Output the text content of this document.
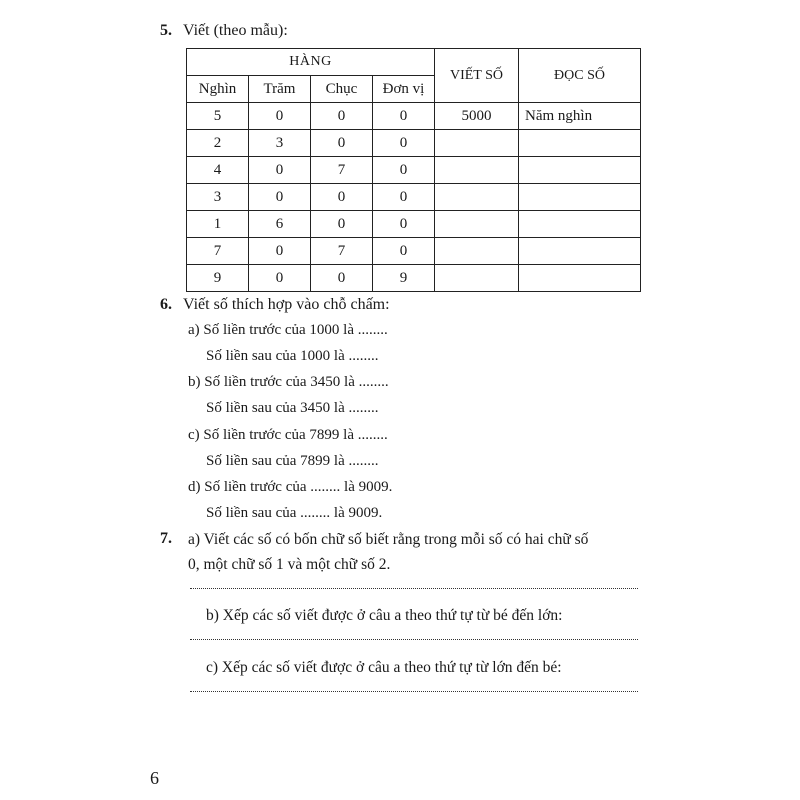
5. Viết (theo mẫu):
HÀNG				VIẾT SỐ	ĐỌC SỐ
Nghìn	Trăm	Chục	Đơn vị		
5	0	0	0	5000	Năm nghìn
2	3	0	0		
4	0	7	0		
3	0	0	0		
1	6	0	0		
7	0	7	0		
9	0	0	9		
6. Viết số thích hợp vào chỗ chấm:
a) Số liền trước của 1000 là ........
Số liền sau của 1000 là ........
b) Số liền trước của 3450 là ........
Số liền sau của 3450 là ........
c) Số liền trước của 7899 là ........
Số liền sau của 7899 là ........
d) Số liền trước của ........ là 9009.
Số liền sau của ........ là 9009.
7. a) Viết các số có bốn chữ số biết rằng trong mỗi số có hai chữ số
0, một chữ số 1 và một chữ số 2.
b) Xếp các số viết được ở câu a theo thứ tự từ bé đến lớn:
c) Xếp các số viết được ở câu a theo thứ tự từ lớn đến bé:
6
